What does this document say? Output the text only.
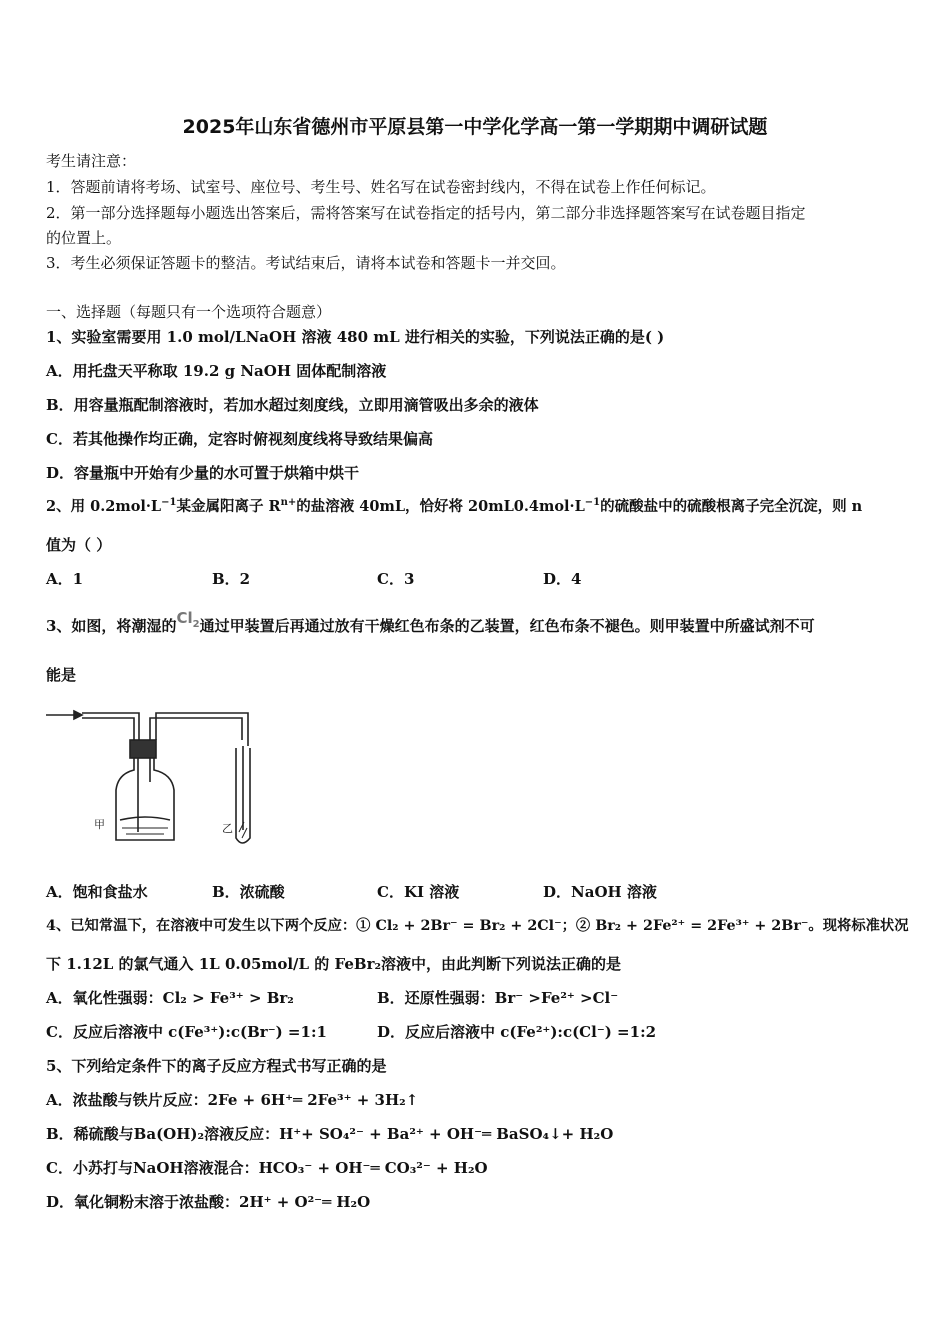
2025年山东省德州市平原县第一中学化学高一第一学期期中调研试题
考生请注意：
1．答题前请将考场、试室号、座位号、考生号、姓名写在试卷密封线内，不得在试卷上作任何标记。
2．第一部分选择题每小题选出答案后，需将答案写在试卷指定的括号内，第二部分非选择题答案写在试卷题目指定
的位置上。
3．考生必须保证答题卡的整洁。考试结束后，请将本试卷和答题卡一并交回。
一、选择题（每题只有一个选项符合题意）
1、实验室需要用 1.0 mol/LNaOH 溶液 480 mL 进行相关的实验，下列说法正确的是( )
A．用托盘天平称取 19.2 g NaOH 固体配制溶液
B．用容量瓶配制溶液时，若加水超过刻度线，立即用滴管吸出多余的液体
C．若其他操作均正确，定容时俯视刻度线将导致结果偏高
D．容量瓶中开始有少量的水可置于烘箱中烘干
2、用 $0.2mol\cdot L^{-1}$某金属阳离子 $R^{n+}$的盐溶液 40mL，恰好将 $20mL0.4mol\cdot L^{-1}$的硫酸盐中的硫酸根离子完全沉淀，则 n
值为（ ）
A．1	B．2	C．3	D．4
3、如图，将潮湿的$Cl_2$通过甲装置后再通过放有干燥红色布条的乙装置，红色布条不褪色。则甲装置中所盛试剂不可
能是
甲	乙
A．饱和食盐水	B．浓硫酸	C．KI 溶液	D．NaOH 溶液
4、已知常温下，在溶液中可发生以下两个反应：① Cl₂ + 2Br⁻ = Br₂ + 2Cl⁻；② Br₂ + 2Fe²⁺ = 2Fe³⁺ + 2Br⁻。现将标准状况
下 1.12L 的氯气通入 1L 0.05mol/L 的 FeBr₂溶液中，由此判断下列说法正确的是
A．氧化性强弱：Cl₂ > Fe³⁺ > Br₂	B．还原性强弱：Br⁻ >Fe²⁺ >Cl⁻
C．反应后溶液中 c(Fe³⁺):c(Br⁻) =1:1	D．反应后溶液中 c(Fe²⁺):c(Cl⁻) =1:2
5、下列给定条件下的离子反应方程式书写正确的是
A．浓盐酸与铁片反应：2Fe + 6H⁺═ 2Fe³⁺ + 3H₂↑
B．稀硫酸与Ba(OH)₂溶液反应：H⁺+ SO₄²⁻ + Ba²⁺ + OH⁻═ BaSO₄↓+ H₂O
C．小苏打与NaOH溶液混合：HCO₃⁻ + OH⁻═ CO₃²⁻ + H₂O
D．氧化铜粉末溶于浓盐酸：2H⁺ + O²⁻═ H₂O
